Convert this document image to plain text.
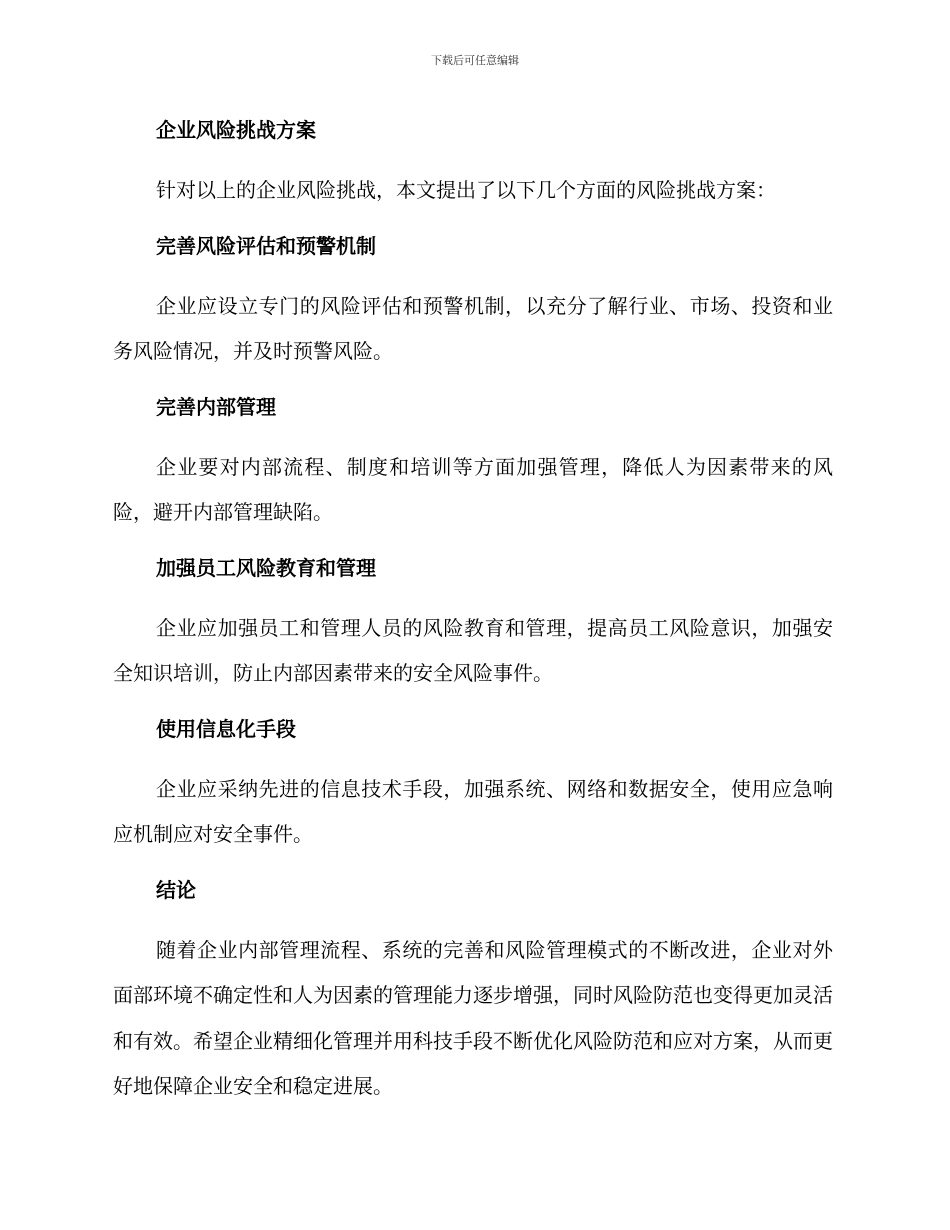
下载后可任意编辑
企业风险挑战方案
针对以上的企业风险挑战，本文提出了以下几个方面的风险挑战方案：
完善风险评估和预警机制
企业应设立专门的风险评估和预警机制，以充分了解行业、市场、投资和业务风险情况，并及时预警风险。
完善内部管理
企业要对内部流程、制度和培训等方面加强管理，降低人为因素带来的风险，避开内部管理缺陷。
加强员工风险教育和管理
企业应加强员工和管理人员的风险教育和管理，提高员工风险意识，加强安全知识培训，防止内部因素带来的安全风险事件。
使用信息化手段
企业应采纳先进的信息技术手段，加强系统、网络和数据安全，使用应急响应机制应对安全事件。
结论
随着企业内部管理流程、系统的完善和风险管理模式的不断改进，企业对外面部环境不确定性和人为因素的管理能力逐步增强，同时风险防范也变得更加灵活和有效。希望企业精细化管理并用科技手段不断优化风险防范和应对方案，从而更好地保障企业安全和稳定进展。
